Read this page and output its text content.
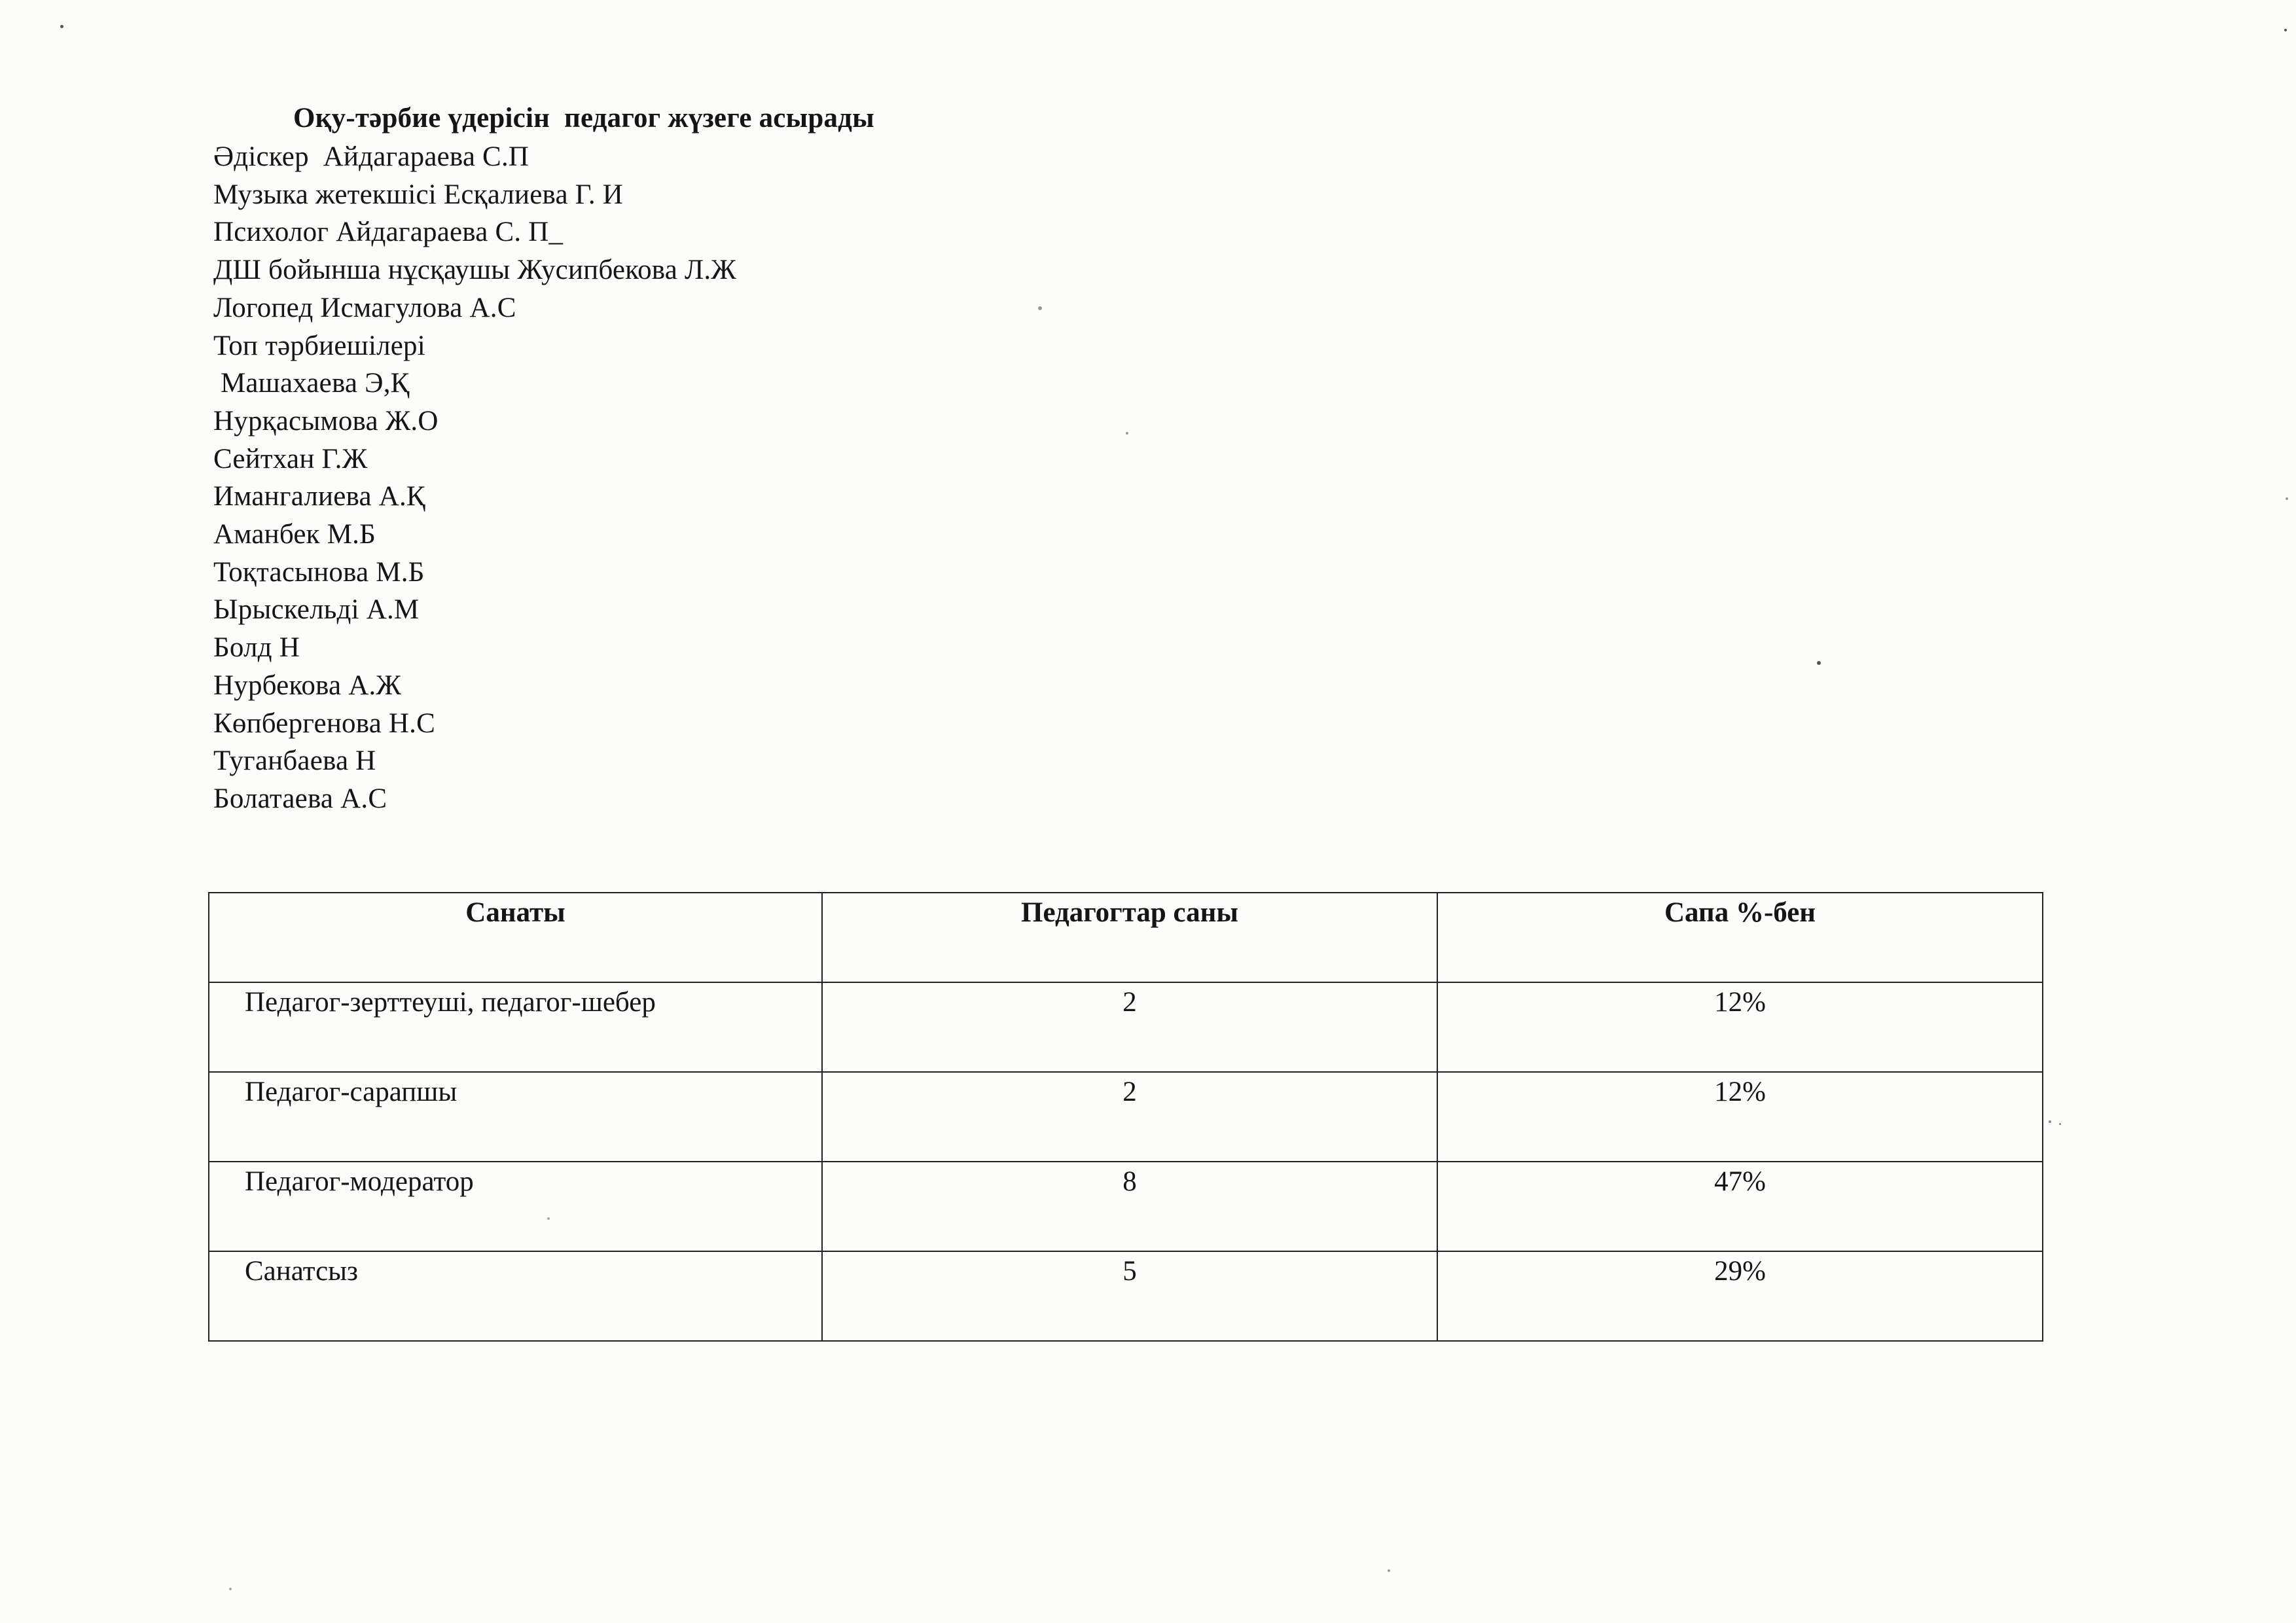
Оқу-тәрбие үдерісін  педагог жүзеге асырады
Әдіскер  Айдагараева С.П
Музыка жетекшісі Есқалиева Г. И
Психолог Айдагараева С. П_
ДШ бойынша нұсқаушы Жусипбекова Л.Ж
Логопед Исмагулова А.С
Топ тәрбиешілері
Машахаева Э,Қ
Нурқасымова Ж.О
Сейтхан Г.Ж
Имангалиева А.Қ
Аманбек М.Б
Тоқтасынова М.Б
Ырыскельді А.М
Болд Н
Нурбекова А.Ж
Көпбергенова Н.С
Туганбаева Н
Болатаева А.С
Санаты	Педагогтар саны	Сапа %-бен
Педагог-зерттеуші, педагог-шебер	2	12%
Педагог-сарапшы	2	12%
Педагог-модератор	8	47%
Санатсыз	5	29%
